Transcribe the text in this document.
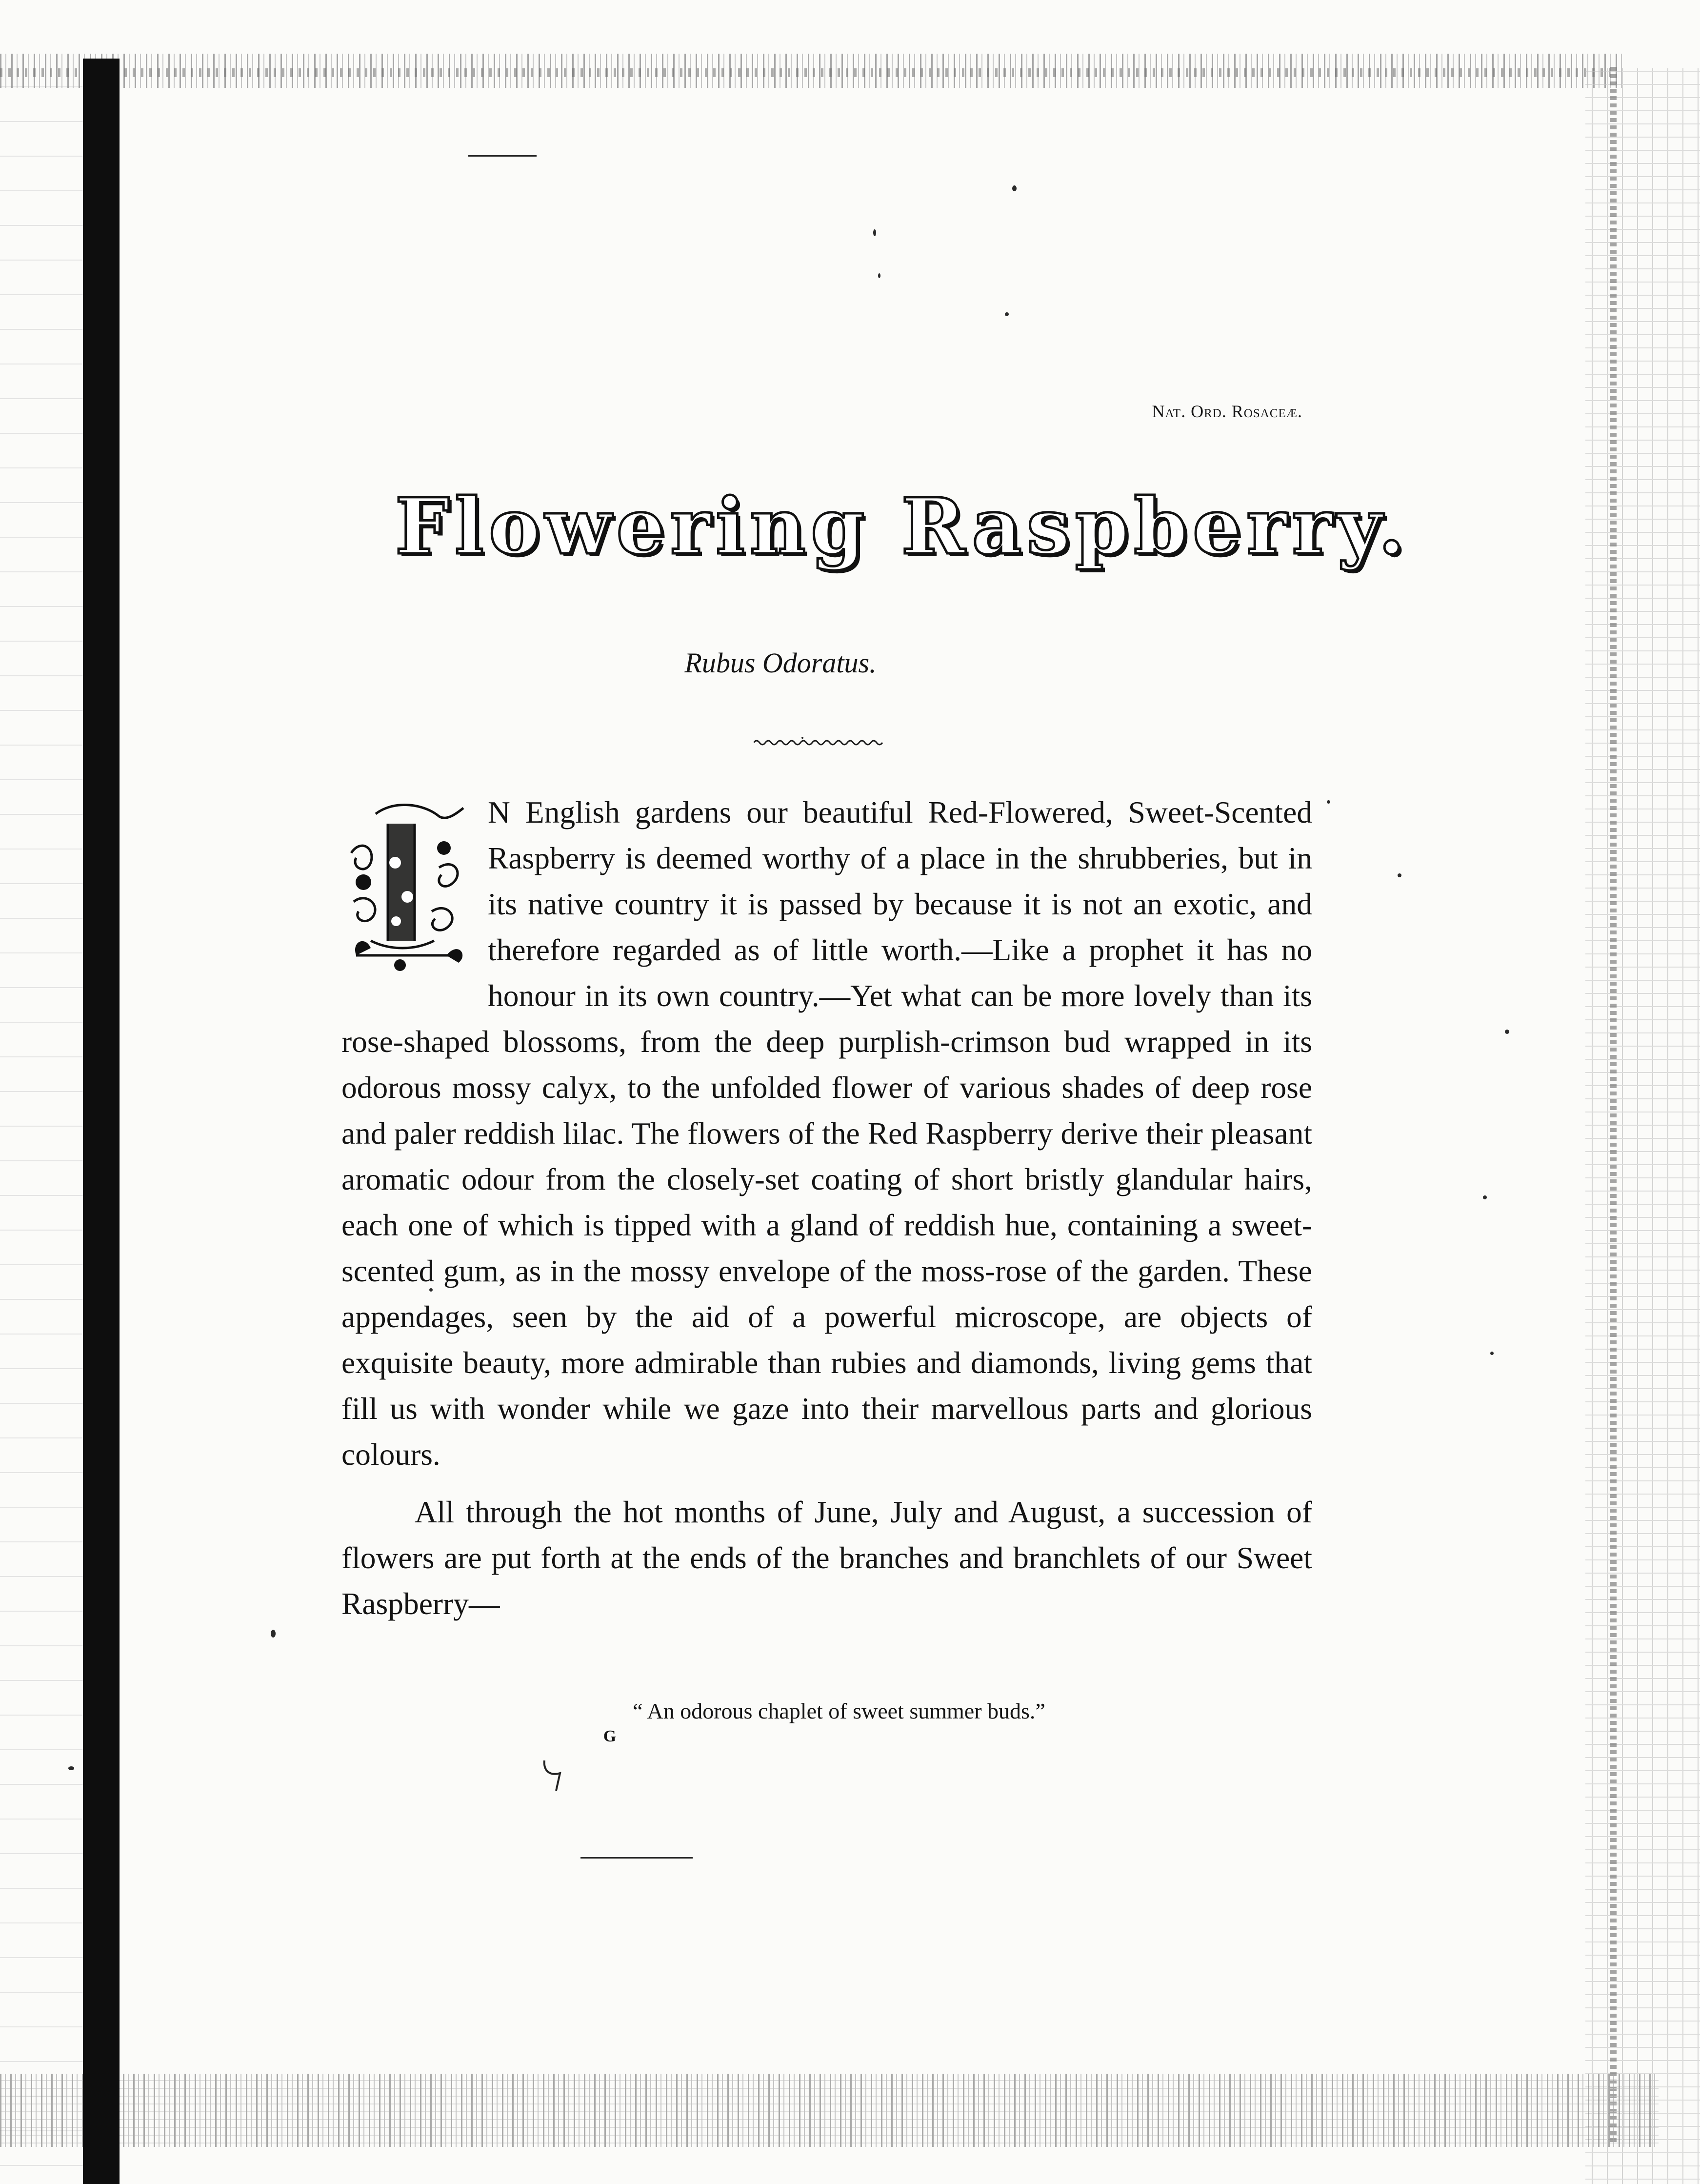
Nat. Ord. Rosaceæ.
Flowering Raspberry.
Rubus Odoratus.

N English gardens our beautiful Red-Flowered, Sweet-Scented Raspberry is deemed worthy of a place in the shrubberies, but in its native country it is passed by because it is not an exotic, and therefore regarded as of little worth.—Like a prophet it has no honour in its own country.—Yet what can be more lovely than its rose-shaped blossoms, from the deep purplish-crimson bud wrapped in its odorous mossy calyx, to the unfolded flower of various shades of deep rose and paler reddish lilac. The flowers of the Red Raspberry derive their pleasant aromatic odour from the closely-set coating of short bristly glandular hairs, each one of which is tipped with a gland of reddish hue, containing a sweet-scented gum, as in the mossy envelope of the moss-rose of the garden. These appendages, seen by the aid of a powerful microscope, are objects of exquisite beauty, more admirable than rubies and diamonds, living gems that fill us with wonder while we gaze into their marvellous parts and glorious colours.

All through the hot months of June, July and August, a succession of flowers are put forth at the ends of the branches and branchlets of our Sweet Raspberry—

“ An odorous chaplet of sweet summer buds.”
G
